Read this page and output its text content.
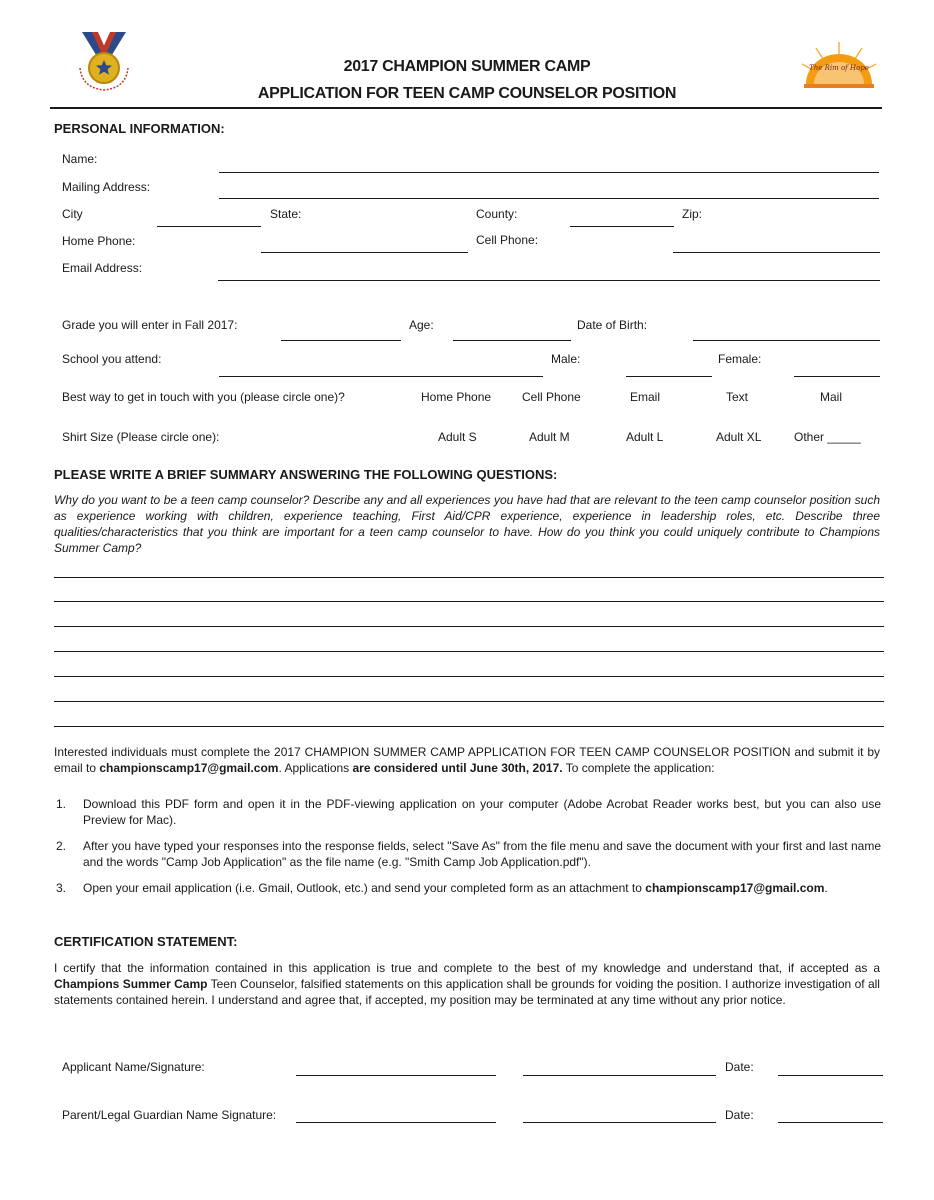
The Rim of Hope
2017 CHAMPION SUMMER CAMP
APPLICATION FOR TEEN CAMP COUNSELOR POSITION
PERSONAL INFORMATION:
Name:
Mailing Address:
City	State:	County:	Zip:
Home Phone:	Cell Phone:
Email Address:
Grade you will enter in Fall 2017:	Age:	Date of Birth:
School you attend:	Male:	Female:
Best way to get in touch with you (please circle one)?	Home Phone	Cell Phone	Email	Text	Mail
Shirt Size (Please circle one):	Adult S	Adult M	Adult L	Adult XL	Other _____
PLEASE WRITE A BRIEF SUMMARY ANSWERING THE FOLLOWING QUESTIONS:
Why do you want to be a teen camp counselor? Describe any and all experiences you have had that are relevant to the teen camp counselor position such as experience working with children, experience teaching, First Aid/CPR experience, experience in leadership roles, etc. Describe three qualities/characteristics that you think are important for a teen camp counselor to have. How do you think you could uniquely contribute to Champions Summer Camp?
Interested individuals must complete the 2017 CHAMPION SUMMER CAMP APPLICATION FOR TEEN CAMP COUNSELOR POSITION and submit it by email to championscamp17@gmail.com. Applications are considered until June 30th, 2017. To complete the application:
1. Download this PDF form and open it in the PDF-viewing application on your computer (Adobe Acrobat Reader works best, but you can also use Preview for Mac).
2. After you have typed your responses into the response fields, select "Save As" from the file menu and save the document with your first and last name and the words "Camp Job Application" as the file name (e.g. "Smith Camp Job Application.pdf").
3. Open your email application (i.e. Gmail, Outlook, etc.) and send your completed form as an attachment to championscamp17@gmail.com.
CERTIFICATION STATEMENT:
I certify that the information contained in this application is true and complete to the best of my knowledge and understand that, if accepted as a Champions Summer Camp Teen Counselor, falsified statements on this application shall be grounds for voiding the position. I authorize investigation of all statements contained herein. I understand and agree that, if accepted, my position may be terminated at any time without any prior notice.
Applicant Name/Signature:	Date:
Parent/Legal Guardian Name Signature:	Date:
